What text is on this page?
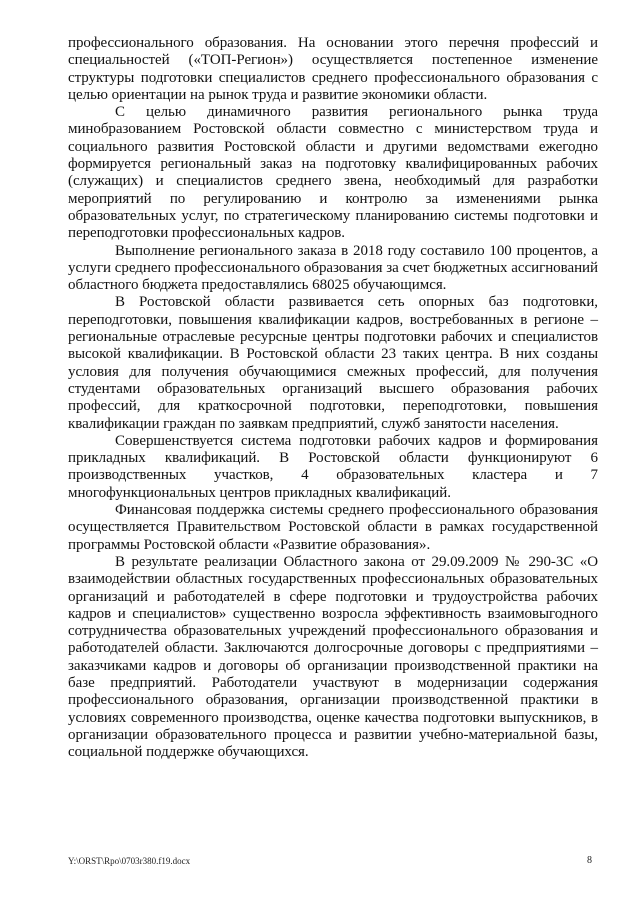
профессионального образования. На основании этого перечня профессий и специальностей («ТОП-Регион») осуществляется постепенное изменение структуры подготовки специалистов среднего профессионального образования с целью ориентации на рынок труда и развитие экономики области.

С целью динамичного развития регионального рынка труда минобразованием Ростовской области совместно с министерством труда и социального развития Ростовской области и другими ведомствами ежегодно формируется региональный заказ на подготовку квалифицированных рабочих (служащих) и специалистов среднего звена, необходимый для разработки мероприятий по регулированию и контролю за изменениями рынка образовательных услуг, по стратегическому планированию системы подготовки и переподготовки профессиональных кадров.

Выполнение регионального заказа в 2018 году составило 100 процентов, а услуги среднего профессионального образования за счет бюджетных ассигнований областного бюджета предоставлялись 68025 обучающимся.

В Ростовской области развивается сеть опорных баз подготовки, переподготовки, повышения квалификации кадров, востребованных в регионе – региональные отраслевые ресурсные центры подготовки рабочих и специалистов высокой квалификации. В Ростовской области 23 таких центра. В них созданы условия для получения обучающимися смежных профессий, для получения студентами образовательных организаций высшего образования рабочих профессий, для краткосрочной подготовки, переподготовки, повышения квалификации граждан по заявкам предприятий, служб занятости населения.

Совершенствуется система подготовки рабочих кадров и формирования прикладных квалификаций. В Ростовской области функционируют 6 производственных участков, 4 образовательных кластера и 7 многофункциональных центров прикладных квалификаций.

Финансовая поддержка системы среднего профессионального образования осуществляется Правительством Ростовской области в рамках государственной программы Ростовской области «Развитие образования».

В результате реализации Областного закона от 29.09.2009 № 290-ЗС «О взаимодействии областных государственных профессиональных образовательных организаций и работодателей в сфере подготовки и трудоустройства рабочих кадров и специалистов» существенно возросла эффективность взаимовыгодного сотрудничества образовательных учреждений профессионального образования и работодателей области. Заключаются долгосрочные договоры с предприятиями – заказчиками кадров и договоры об организации производственной практики на базе предприятий. Работодатели участвуют в модернизации содержания профессионального образования, организации производственной практики в условиях современного производства, оценке качества подготовки выпускников, в организации образовательного процесса и развитии учебно-материальной базы, социальной поддержке обучающихся.

Y:\ORST\Rpo\0703r380.f19.docx	8
